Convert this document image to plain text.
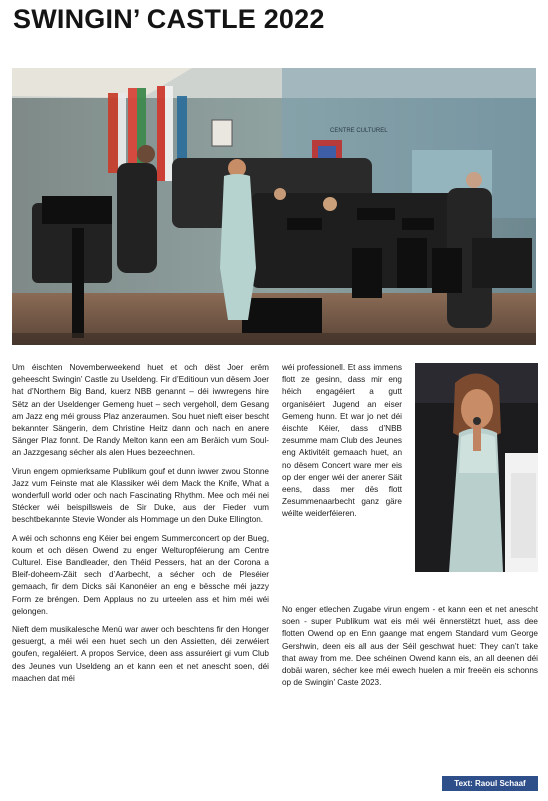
SWINGIN’ CASTLE 2022
CENTRE CULTUREL

Um éischten Novemberweekend huet et och dëst Joer erëm geheescht Swingin’ Castle zu Useldeng. Fir d’Editioun vun dësem Joer hat d’Northern Big Band, kuerz NBB genannt – déi iwwregens hire Sëtz an der Useldenger Gemeng huet – sech vergeholl, dem Gesang am Jazz eng méi grouss Plaz anzeraumen. Sou huet nieft eiser bescht bekannter Sängerin, dem Christine Heitz dann och nach en anere Sänger Plaz fonnt. De Randy Melton kann een am Beräich vum Soul- an Jazzgesang sécher als alen Hues bezeechnen.

Virun engem opmierksame Publikum gouf et dunn iwwer zwou Stonne Jazz vum Feinste mat ale Klassiker wéi dem Mack the Knife, What a wonderfull world oder och nach Fascinating Rhythm. Mee och méi nei Stécker wéi beispillsweis de Sir Duke, aus der Fieder vum beschtbekannte Stevie Wonder als Hommage un den Duke Ellington.

A wéi och schonns eng Kéier bei engem Summerconcert op der Bueg, koum et och dësen Owend zu enger Welturopféierung am Centre Culturel. Eise Bandleader, den Théid Pessers, hat an der Corona a Bleif-doheem-Zäit sech d’Aarbecht, a sécher och de Pleséier gemaach, fir dem Dicks säi Kanonéier an eng e bëssche méi jazzy Form ze bréngen. Dem Applaus no zu urteelen ass et him méi wéi gelongen.

Nieft dem musikalesche Menü war awer och beschtens fir den Honger gesuergt, a méi wéi een huet sech un den Assietten, déi zerwéiert goufen, regaléiert. A propos Service, deen ass assuréiert gi vum Club des Jeunes vun Useldeng an et kann een et net anescht soen, déi maachen dat méi

wéi professionell. Et ass immens flott ze gesinn, dass mir eng héich engagéiert a gutt organiséiert Jugend an eiser Gemeng hunn. Et war jo net déi éischte Kéier, dass d’NBB zesumme mam Club des Jeunes eng Aktivitéit gemaach huet, an no dësem Concert ware mer eis op der enger wéi der anerer Säit eens, dass mer dës flott Zesummenaarbecht ganz gäre wéilte weiderféieren.

No enger etlechen Zugabe virun engem - et kann een et net anescht soen - super Publikum wat eis méi wéi ënnerstëtzt huet, ass dee flotten Owend op en Enn gaange mat engem Standard vum George Gershwin, deen eis all aus der Séil geschwat huet: They can’t take that away from me. Dee schéinen Owend kann eis, an all deenen déi dobäi waren, sécher kee méi ewech huelen a mir freeën eis schonns op de Swingin’ Caste 2023.

Text: Raoul Schaaf
